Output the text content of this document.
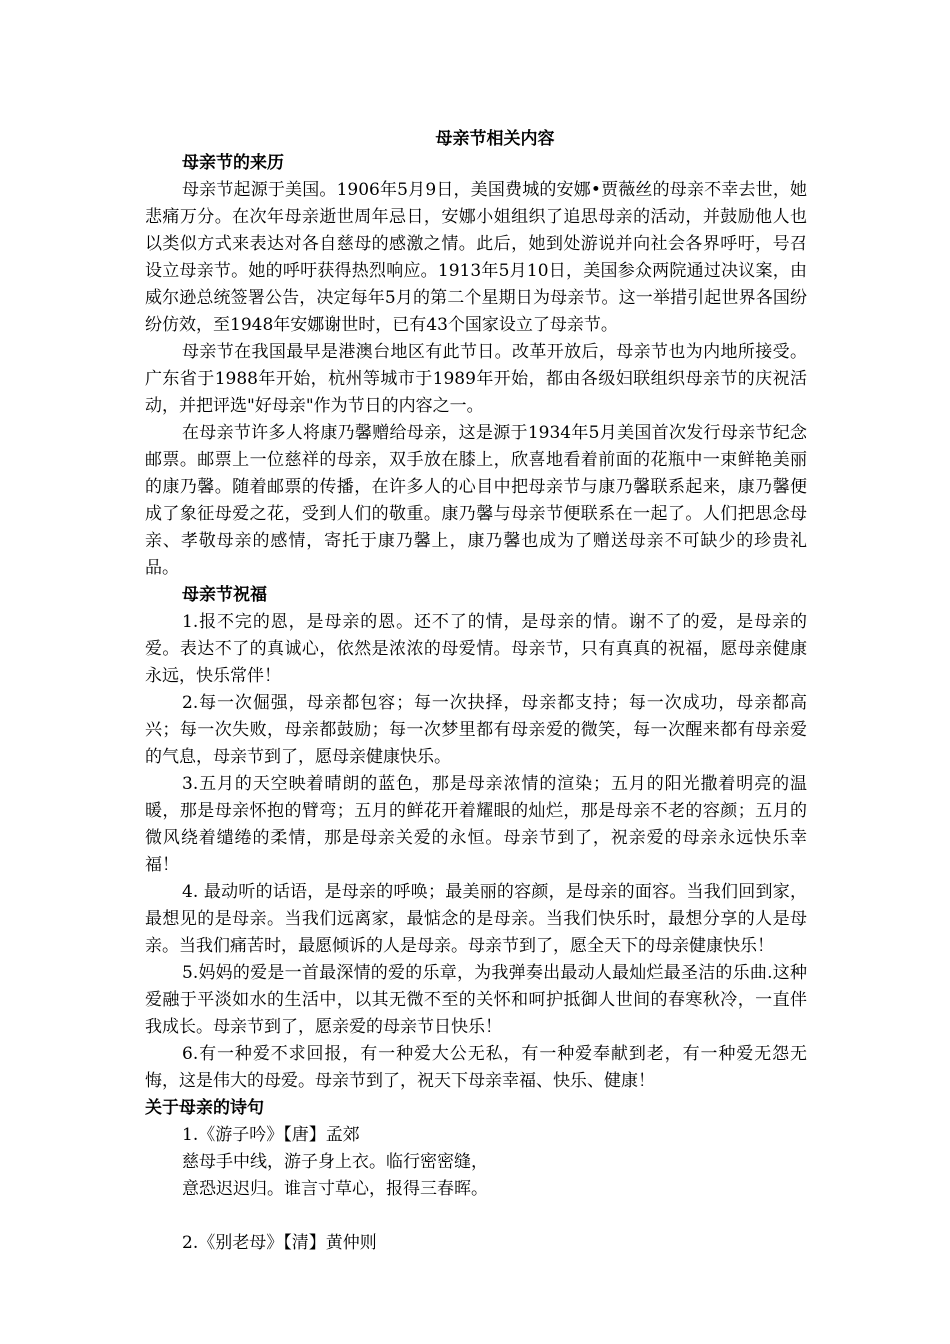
母亲节相关内容

母亲节的来历

母亲节起源于美国。1906年5月9日，美国费城的安娜•贾薇丝的母亲不幸去世，她悲痛万分。在次年母亲逝世周年忌日，安娜小姐组织了追思母亲的活动，并鼓励他人也以类似方式来表达对各自慈母的感激之情。此后，她到处游说并向社会各界呼吁，号召设立母亲节。她的呼吁获得热烈响应。1913年5月10日，美国参众两院通过决议案，由威尔逊总统签署公告，决定每年5月的第二个星期日为母亲节。这一举措引起世界各国纷纷仿效，至1948年安娜谢世时，已有43个国家设立了母亲节。

母亲节在我国最早是港澳台地区有此节日。改革开放后，母亲节也为内地所接受。广东省于1988年开始，杭州等城市于1989年开始，都由各级妇联组织母亲节的庆祝活动，并把评选"好母亲"作为节日的内容之一。

在母亲节许多人将康乃馨赠给母亲，这是源于1934年5月美国首次发行母亲节纪念邮票。邮票上一位慈祥的母亲，双手放在膝上，欣喜地看着前面的花瓶中一束鲜艳美丽的康乃馨。随着邮票的传播，在许多人的心目中把母亲节与康乃馨联系起来，康乃馨便成了象征母爱之花，受到人们的敬重。康乃馨与母亲节便联系在一起了。人们把思念母亲、孝敬母亲的感情，寄托于康乃馨上，康乃馨也成为了赠送母亲不可缺少的珍贵礼品。

母亲节祝福

1.报不完的恩，是母亲的恩。还不了的情，是母亲的情。谢不了的爱，是母亲的爱。表达不了的真诚心，依然是浓浓的母爱情。母亲节，只有真真的祝福，愿母亲健康永远，快乐常伴！

2.每一次倔强，母亲都包容；每一次抉择，母亲都支持；每一次成功，母亲都高兴；每一次失败，母亲都鼓励；每一次梦里都有母亲爱的微笑，每一次醒来都有母亲爱的气息，母亲节到了，愿母亲健康快乐。

3.五月的天空映着晴朗的蓝色，那是母亲浓情的渲染；五月的阳光撒着明亮的温暖，那是母亲怀抱的臂弯；五月的鲜花开着耀眼的灿烂，那是母亲不老的容颜；五月的微风绕着缱绻的柔情，那是母亲关爱的永恒。母亲节到了，祝亲爱的母亲永远快乐幸福！

4. 最动听的话语，是母亲的呼唤；最美丽的容颜，是母亲的面容。当我们回到家，最想见的是母亲。当我们远离家，最惦念的是母亲。当我们快乐时，最想分享的人是母亲。当我们痛苦时，最愿倾诉的人是母亲。母亲节到了，愿全天下的母亲健康快乐！

5.妈妈的爱是一首最深情的爱的乐章，为我弹奏出最动人最灿烂最圣洁的乐曲.这种爱融于平淡如水的生活中，以其无微不至的关怀和呵护抵御人世间的春寒秋冷，一直伴我成长。母亲节到了，愿亲爱的母亲节日快乐！

6.有一种爱不求回报，有一种爱大公无私，有一种爱奉献到老，有一种爱无怨无悔，这是伟大的母爱。母亲节到了，祝天下母亲幸福、快乐、健康！

关于母亲的诗句

1.《游子吟》【唐】孟郊

慈母手中线，游子身上衣。临行密密缝，

意恐迟迟归。谁言寸草心，报得三春晖。

2.《别老母》【清】黄仲则
